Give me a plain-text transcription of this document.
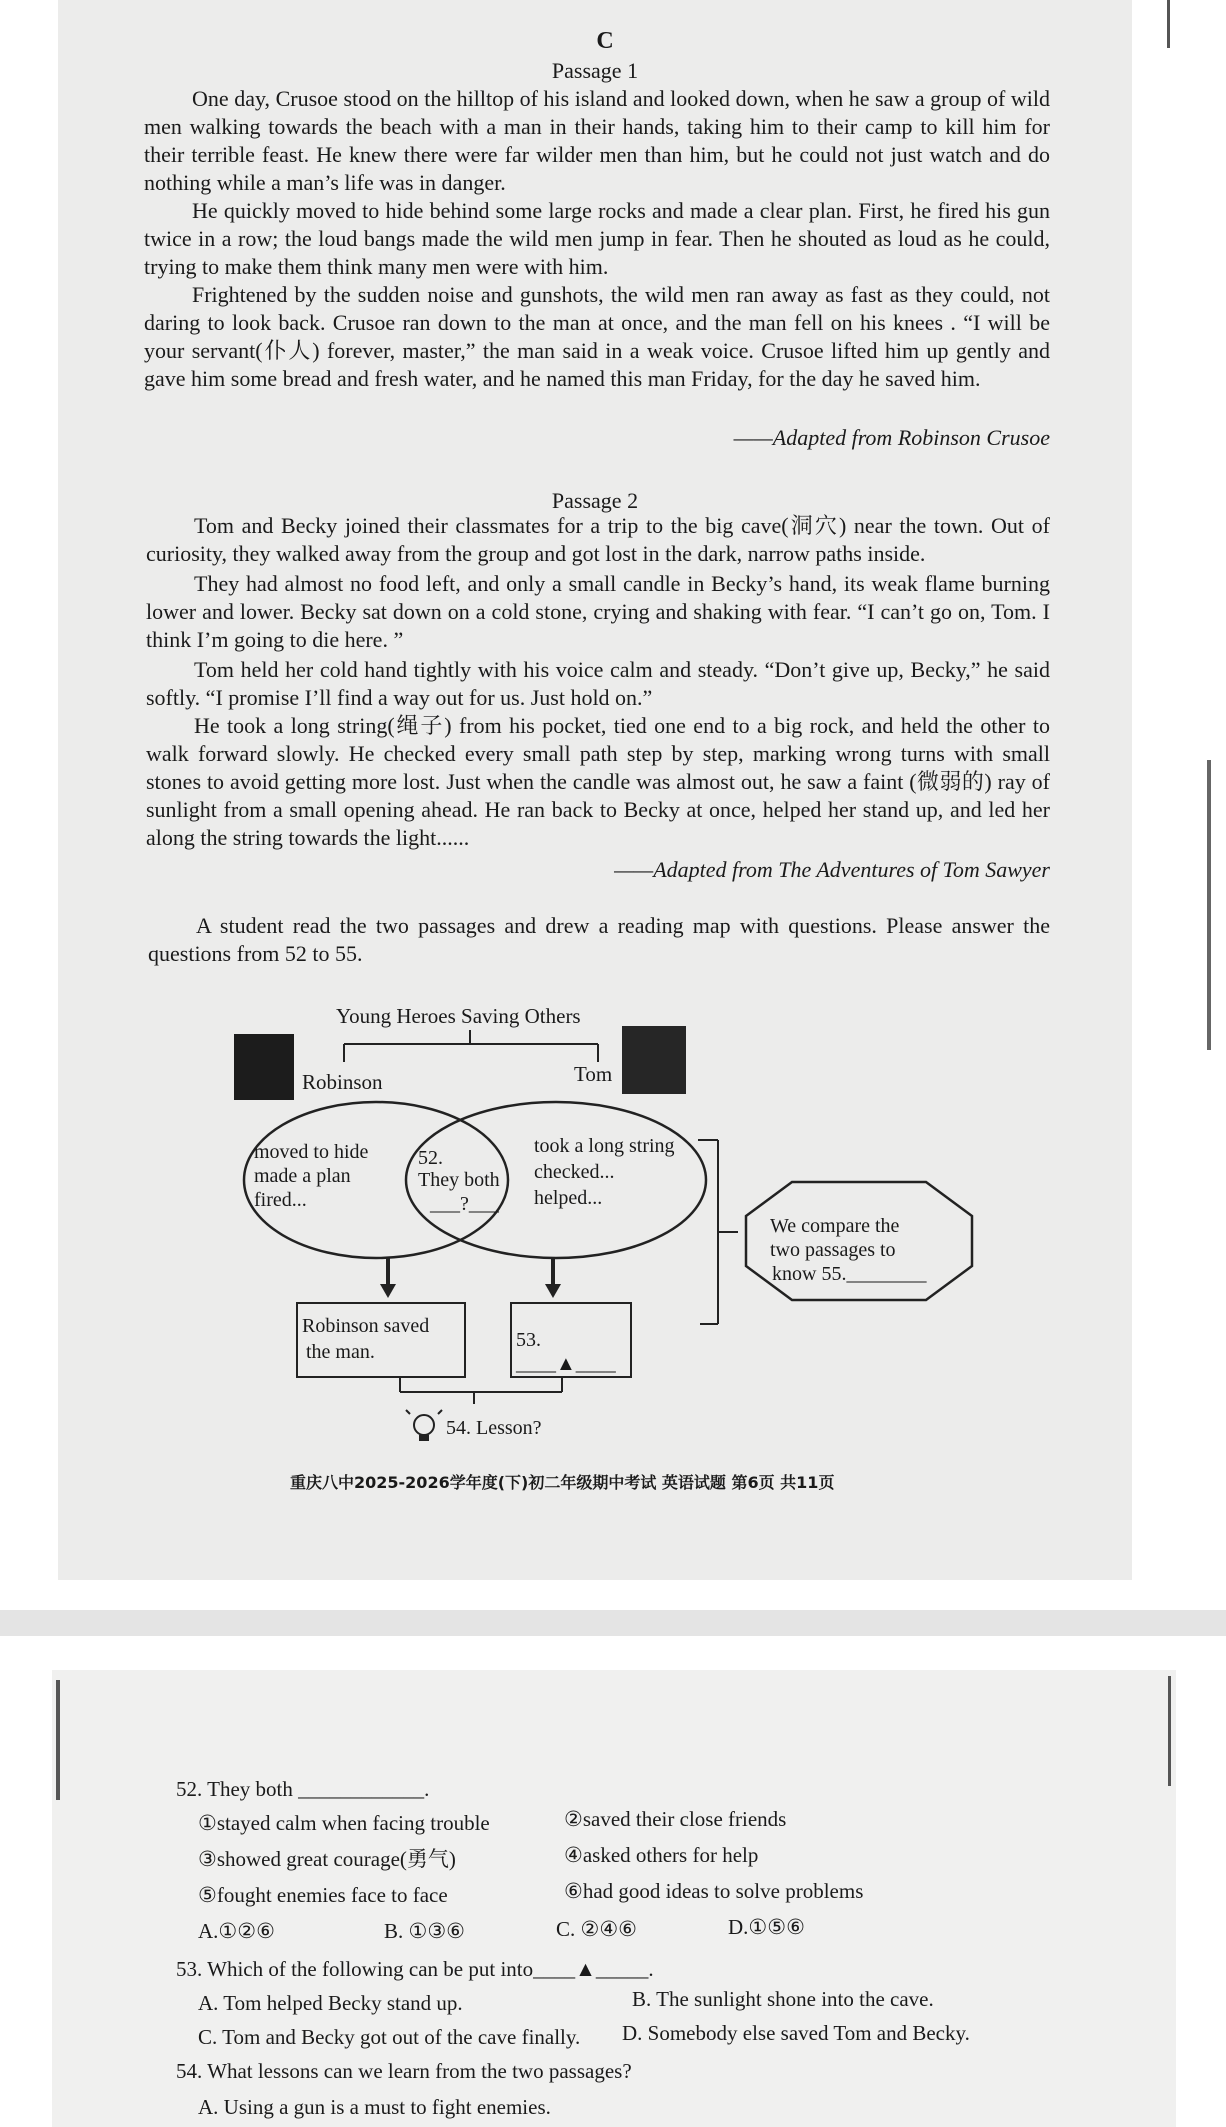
C
Passage 1
One day, Crusoe stood on the hilltop of his island and looked down, when he saw a group of wild men walking towards the beach with a man in their hands, taking him to their camp to kill him for their terrible feast. He knew there were far wilder men than him, but he could not just watch and do nothing while a man’s life was in danger.
He quickly moved to hide behind some large rocks and made a clear plan. First, he fired his gun twice in a row; the loud bangs made the wild men jump in fear. Then he shouted as loud as he could, trying to make them think many men were with him.
Frightened by the sudden noise and gunshots, the wild men ran away as fast as they could, not daring to look back. Crusoe ran down to the man at once, and the man fell on his knees . “I will be your servant(仆人) forever, master,” the man said in a weak voice. Crusoe lifted him up gently and gave him some bread and fresh water, and he named this man Friday, for the day he saved him.
——Adapted from Robinson Crusoe
Passage 2
Tom and Becky joined their classmates for a trip to the big cave(洞穴) near the town. Out of curiosity, they walked away from the group and got lost in the dark, narrow paths inside.
They had almost no food left, and only a small candle in Becky’s hand, its weak flame burning lower and lower. Becky sat down on a cold stone, crying and shaking with fear. “I can’t go on, Tom. I think I’m going to die here. ”
Tom held her cold hand tightly with his voice calm and steady. “Don’t give up, Becky,” he said softly. “I promise I’ll find a way out for us. Just hold on.”
He took a long string(绳子) from his pocket, tied one end to a big rock, and held the other to walk forward slowly. He checked every small path step by step, marking wrong turns with small stones to avoid getting more lost. Just when the candle was almost out, he saw a faint (微弱的) ray of sunlight from a small opening ahead. He ran back to Becky at once, helped her stand up, and led her along the string towards the light......
——Adapted from The Adventures of Tom Sawyer
A student read the two passages and drew a reading map with questions. Please answer the questions from 52 to 55.
Young Heroes Saving Others
Robinson	Tom
moved to hide
made a plan
fired...
52.
They both
___?___
took a long string
checked...
helped...
We compare the
two passages to
know 55.________
Robinson saved
the man.
53. ____▲____
54. Lesson?
重庆八中2025-2026学年度(下)初二年级期中考试 英语试题 第6页 共11页
52. They both ____________.
①stayed calm when facing trouble	②saved their close friends
③showed great courage(勇气)	④asked others for help
⑤fought enemies face to face	⑥had good ideas to solve problems
A.①②⑥	B. ①③⑥	C. ②④⑥	D.①⑤⑥
53. Which of the following can be put into____▲_____.
A. Tom helped Becky stand up.	B. The sunlight shone into the cave.
C. Tom and Becky got out of the cave finally. D. Somebody else saved Tom and Becky.
54. What lessons can we learn from the two passages?
A. Using a gun is a must to fight enemies.
